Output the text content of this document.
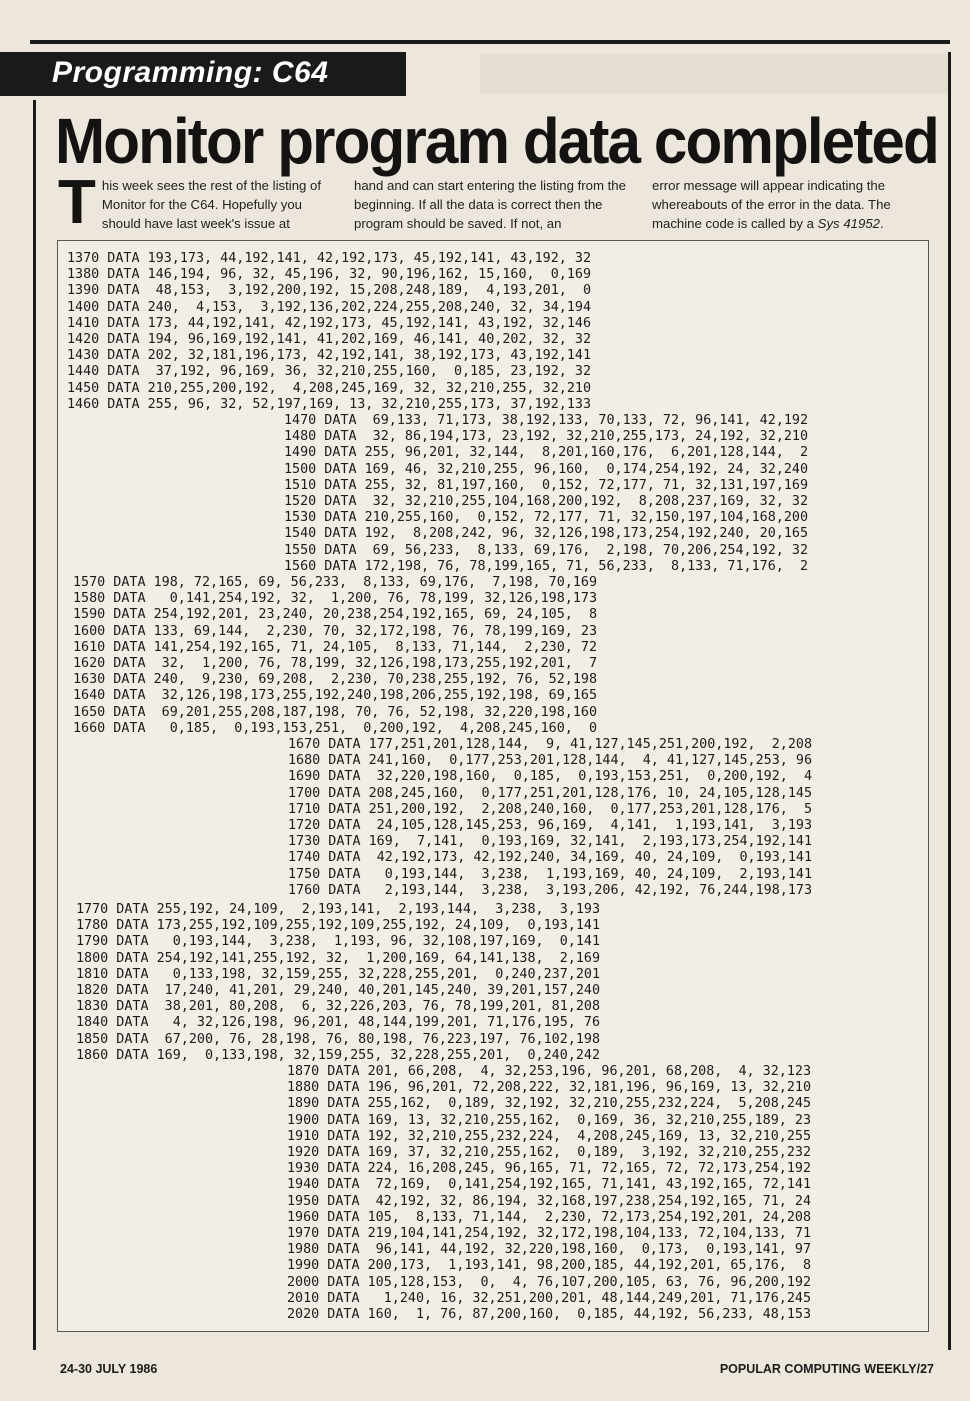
Programming: C64
Monitor program data completed
This week sees the rest of the listing of Monitor for the C64. Hopefully you should have last week's issue at
hand and can start entering the listing from the beginning. If all the data is correct then the program should be saved. If not, an
error message will appear indicating the whereabouts of the error in the data. The machine code is called by a Sys 41952.
1370 DATA 193,173, 44,192,141, 42,192,173, 45,192,141, 43,192, 32
1380 DATA 146,194, 96, 32, 45,196, 32, 90,196,162, 15,160,  0,169
1390 DATA  48,153,  3,192,200,192, 15,208,248,189,  4,193,201,  0
1400 DATA 240,  4,153,  3,192,136,202,224,255,208,240, 32, 34,194
1410 DATA 173, 44,192,141, 42,192,173, 45,192,141, 43,192, 32,146
1420 DATA 194, 96,169,192,141, 41,202,169, 46,141, 40,202, 32, 32
1430 DATA 202, 32,181,196,173, 42,192,141, 38,192,173, 43,192,141
1440 DATA  37,192, 96,169, 36, 32,210,255,160,  0,185, 23,192, 32
1450 DATA 210,255,200,192,  4,208,245,169, 32, 32,210,255, 32,210
1460 DATA 255, 96, 32, 52,197,169, 13, 32,210,255,173, 37,192,133
1470 DATA  69,133, 71,173, 38,192,133, 70,133, 72, 96,141, 42,192
1480 DATA  32, 86,194,173, 23,192, 32,210,255,173, 24,192, 32,210
1490 DATA 255, 96,201, 32,144,  8,201,160,176,  6,201,128,144,  2
1500 DATA 169, 46, 32,210,255, 96,160,  0,174,254,192, 24, 32,240
1510 DATA 255, 32, 81,197,160,  0,152, 72,177, 71, 32,131,197,169
1520 DATA  32, 32,210,255,104,168,200,192,  8,208,237,169, 32, 32
1530 DATA 210,255,160,  0,152, 72,177, 71, 32,150,197,104,168,200
1540 DATA 192,  8,208,242, 96, 32,126,198,173,254,192,240, 20,165
1550 DATA  69, 56,233,  8,133, 69,176,  2,198, 70,206,254,192, 32
1560 DATA 172,198, 76, 78,199,165, 71, 56,233,  8,133, 71,176,  2
1570 DATA 198, 72,165, 69, 56,233,  8,133, 69,176,  7,198, 70,169
1580 DATA   0,141,254,192, 32,  1,200, 76, 78,199, 32,126,198,173
1590 DATA 254,192,201, 23,240, 20,238,254,192,165, 69, 24,105,  8
1600 DATA 133, 69,144,  2,230, 70, 32,172,198, 76, 78,199,169, 23
1610 DATA 141,254,192,165, 71, 24,105,  8,133, 71,144,  2,230, 72
1620 DATA  32,  1,200, 76, 78,199, 32,126,198,173,255,192,201,  7
1630 DATA 240,  9,230, 69,208,  2,230, 70,238,255,192, 76, 52,198
1640 DATA  32,126,198,173,255,192,240,198,206,255,192,198, 69,165
1650 DATA  69,201,255,208,187,198, 70, 76, 52,198, 32,220,198,160
1660 DATA   0,185,  0,193,153,251,  0,200,192,  4,208,245,160,  0
1670 DATA 177,251,201,128,144,  9, 41,127,145,251,200,192,  2,208
1680 DATA 241,160,  0,177,253,201,128,144,  4, 41,127,145,253, 96
1690 DATA  32,220,198,160,  0,185,  0,193,153,251,  0,200,192,  4
1700 DATA 208,245,160,  0,177,251,201,128,176, 10, 24,105,128,145
1710 DATA 251,200,192,  2,208,240,160,  0,177,253,201,128,176,  5
1720 DATA  24,105,128,145,253, 96,169,  4,141,  1,193,141,  3,193
1730 DATA 169,  7,141,  0,193,169, 32,141,  2,193,173,254,192,141
1740 DATA  42,192,173, 42,192,240, 34,169, 40, 24,109,  0,193,141
1750 DATA   0,193,144,  3,238,  1,193,169, 40, 24,109,  2,193,141
1760 DATA   2,193,144,  3,238,  3,193,206, 42,192, 76,244,198,173
1770 DATA 255,192, 24,109,  2,193,141,  2,193,144,  3,238,  3,193
1780 DATA 173,255,192,109,255,192,109,255,192, 24,109,  0,193,141
1790 DATA   0,193,144,  3,238,  1,193, 96, 32,108,197,169,  0,141
1800 DATA 254,192,141,255,192, 32,  1,200,169, 64,141,138,  2,169
1810 DATA   0,133,198, 32,159,255, 32,228,255,201,  0,240,237,201
1820 DATA  17,240, 41,201, 29,240, 40,201,145,240, 39,201,157,240
1830 DATA  38,201, 80,208,  6, 32,226,203, 76, 78,199,201, 81,208
1840 DATA   4, 32,126,198, 96,201, 48,144,199,201, 71,176,195, 76
1850 DATA  67,200, 76, 28,198, 76, 80,198, 76,223,197, 76,102,198
1860 DATA 169,  0,133,198, 32,159,255, 32,228,255,201,  0,240,242
1870 DATA 201, 66,208,  4, 32,253,196, 96,201, 68,208,  4, 32,123
1880 DATA 196, 96,201, 72,208,222, 32,181,196, 96,169, 13, 32,210
1890 DATA 255,162,  0,189, 32,192, 32,210,255,232,224,  5,208,245
1900 DATA 169, 13, 32,210,255,162,  0,169, 36, 32,210,255,189, 23
1910 DATA 192, 32,210,255,232,224,  4,208,245,169, 13, 32,210,255
1920 DATA 169, 37, 32,210,255,162,  0,189,  3,192, 32,210,255,232
1930 DATA 224, 16,208,245, 96,165, 71, 72,165, 72, 72,173,254,192
1940 DATA  72,169,  0,141,254,192,165, 71,141, 43,192,165, 72,141
1950 DATA  42,192, 32, 86,194, 32,168,197,238,254,192,165, 71, 24
1960 DATA 105,  8,133, 71,144,  2,230, 72,173,254,192,201, 24,208
1970 DATA 219,104,141,254,192, 32,172,198,104,133, 72,104,133, 71
1980 DATA  96,141, 44,192, 32,220,198,160,  0,173,  0,193,141, 97
1990 DATA 200,173,  1,193,141, 98,200,185, 44,192,201, 65,176,  8
2000 DATA 105,128,153,  0,  4, 76,107,200,105, 63, 76, 96,200,192
2010 DATA   1,240, 16, 32,251,200,201, 48,144,249,201, 71,176,245
2020 DATA 160,  1, 76, 87,200,160,  0,185, 44,192, 56,233, 48,153
24-30 JULY 1986	POPULAR COMPUTING WEEKLY/27
